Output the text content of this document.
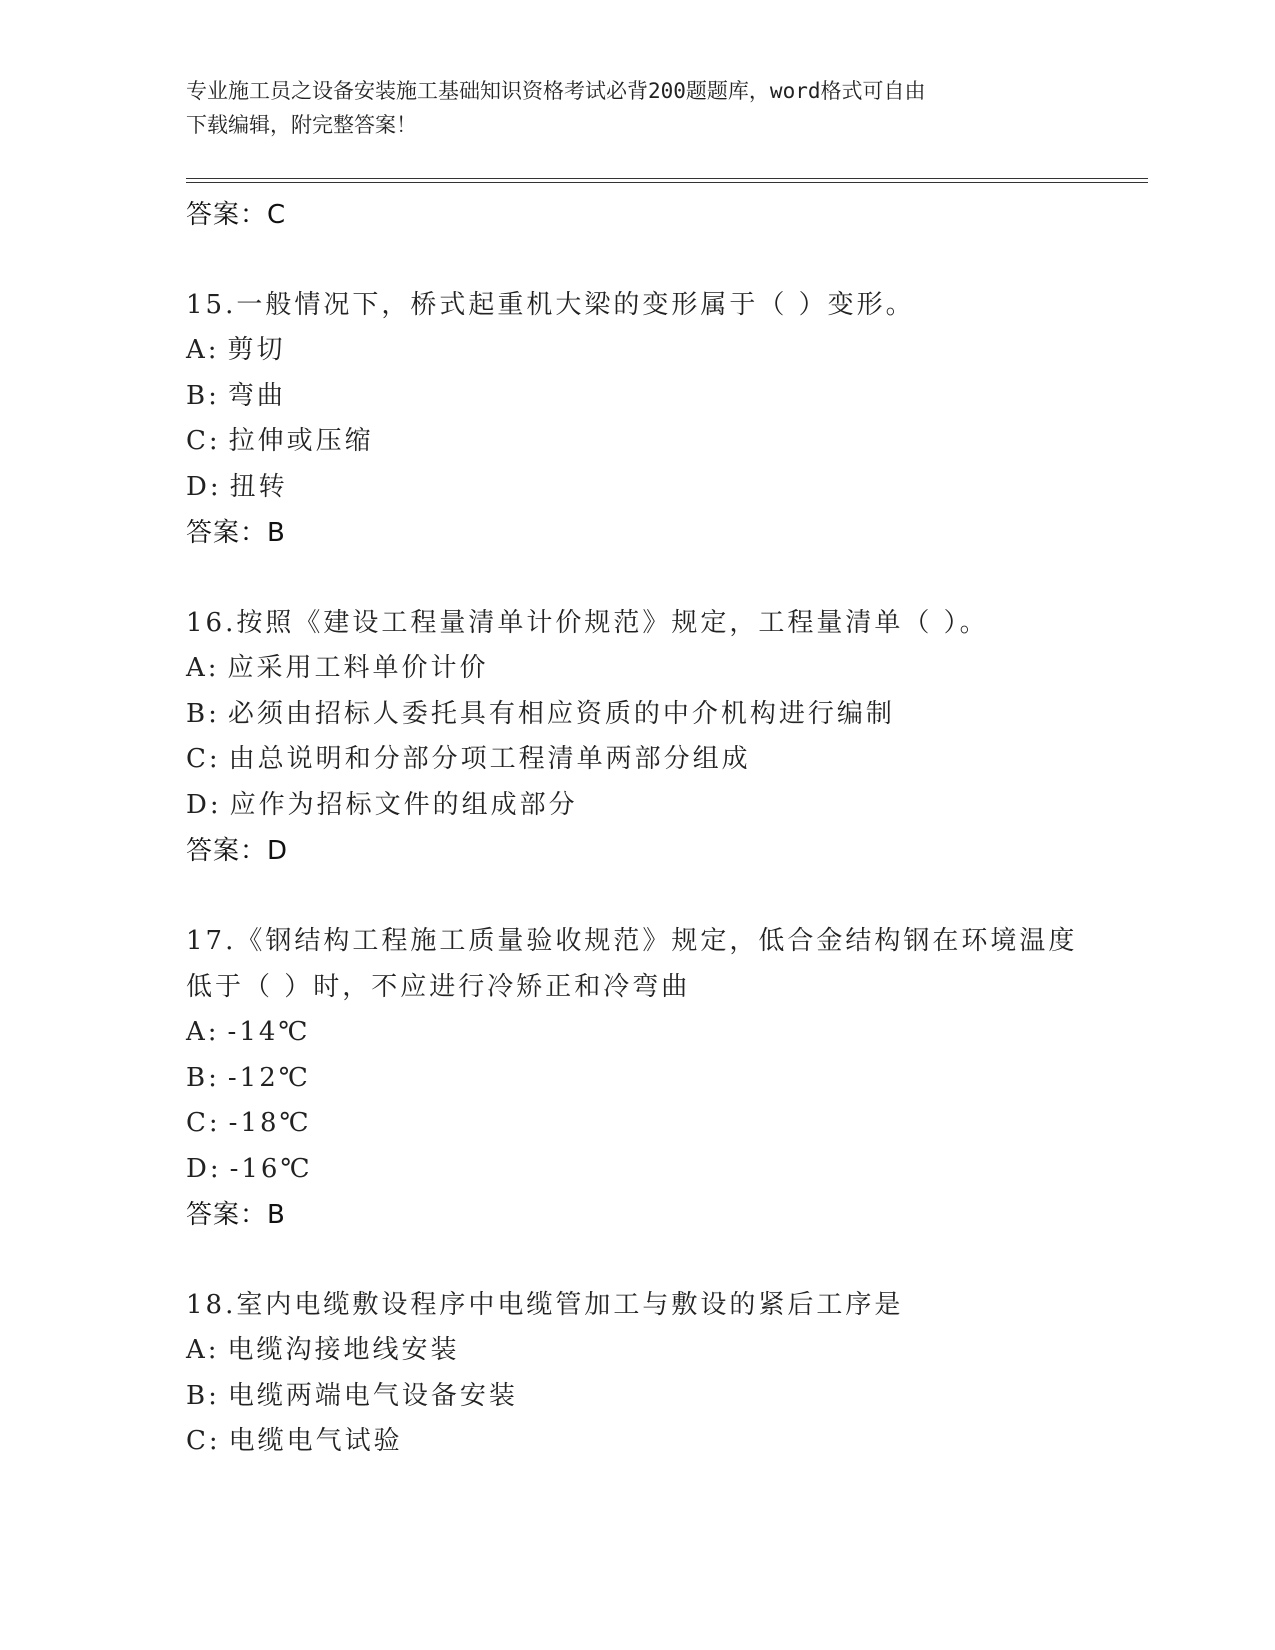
专业施工员之设备安装施工基础知识资格考试必背200题题库，word格式可自由
下载编辑，附完整答案！
答案：C

15.一般情况下，桥式起重机大梁的变形属于（ ）变形。

A: 剪切
B: 弯曲
C: 拉伸或压缩
D: 扭转
答案：B

16.按照《建设工程量清单计价规范》规定，工程量清单（ ）。

A: 应采用工料单价计价
B: 必须由招标人委托具有相应资质的中介机构进行编制
C: 由总说明和分部分项工程清单两部分组成
D: 应作为招标文件的组成部分
答案：D

17.《钢结构工程施工质量验收规范》规定，低合金结构钢在环境温度

低于（ ）时，不应进行冷矫正和冷弯曲

A: -14℃
B: -12℃
C: -18℃
D: -16℃
答案：B

18.室内电缆敷设程序中电缆管加工与敷设的紧后工序是

A: 电缆沟接地线安装
B: 电缆两端电气设备安装
C: 电缆电气试验
